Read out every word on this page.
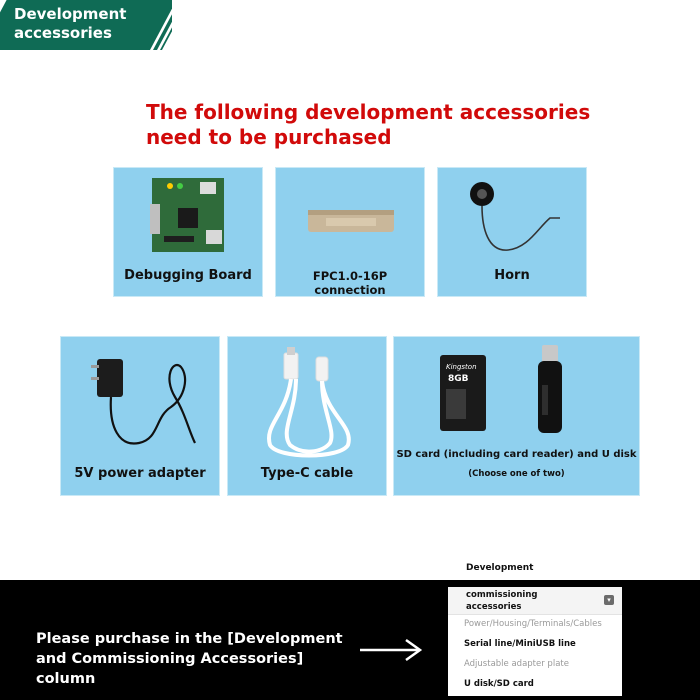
Development
accessories
The following development accessories
need to be purchased
Debugging Board	FPC1.0-16P connection
Horn
5V power adapter	Type-C cable
Kingston
8GB
SD card (including card reader) and U disk
(Choose one of two)
Please purchase in the [Development
and Commissioning Accessories] column
Development
commissioning
accessories
▾
Power/Housing/Terminals/Cables
Serial line/MiniUSB line
Adjustable adapter plate
U disk/SD card
